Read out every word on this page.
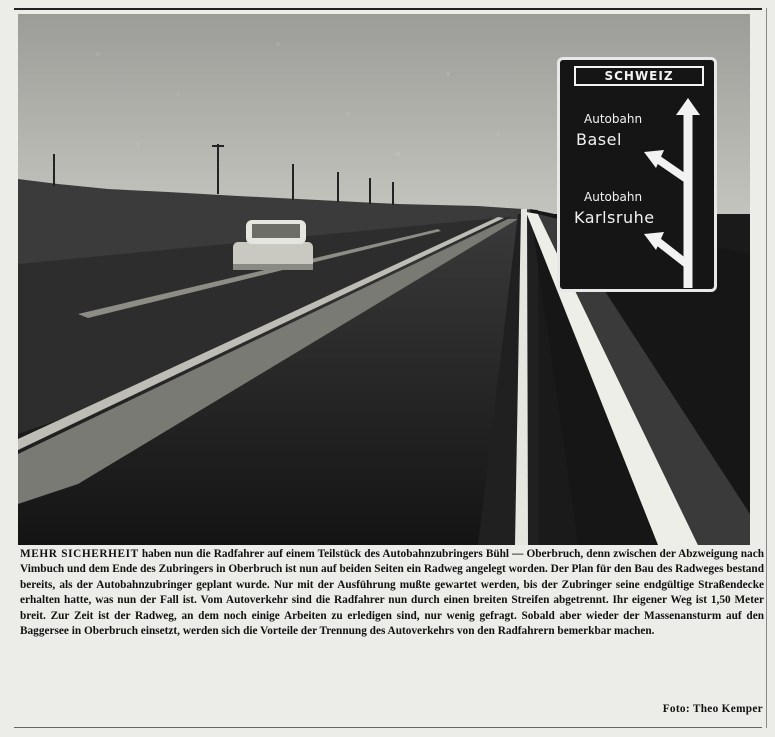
SCHWEIZ
Autobahn
Basel
Autobahn
Karlsruhe

MEHR SICHERHEIT haben nun die Radfahrer auf einem Teilstück des Autobahnzubringers Bühl — Oberbruch, denn zwischen der Abzweigung nach Vimbuch und dem Ende des Zubringers in Oberbruch ist nun auf beiden Seiten ein Radweg angelegt worden. Der Plan für den Bau des Radweges bestand bereits, als der Autobahnzubringer geplant wurde. Nur mit der Ausführung mußte gewartet werden, bis der Zubringer seine endgültige Straßendecke erhalten hatte, was nun der Fall ist. Vom Autoverkehr sind die Radfahrer nun durch einen breiten Streifen abgetrennt. Ihr eigener Weg ist 1,50 Meter breit. Zur Zeit ist der Radweg, an dem noch einige Arbeiten zu erledigen sind, nur wenig gefragt. Sobald aber wieder der Massenansturm auf den Baggersee in Oberbruch einsetzt, werden sich die Vorteile der Trennung des Autoverkehrs von den Radfahrern bemerkbar machen.

Foto: Theo Kemper
